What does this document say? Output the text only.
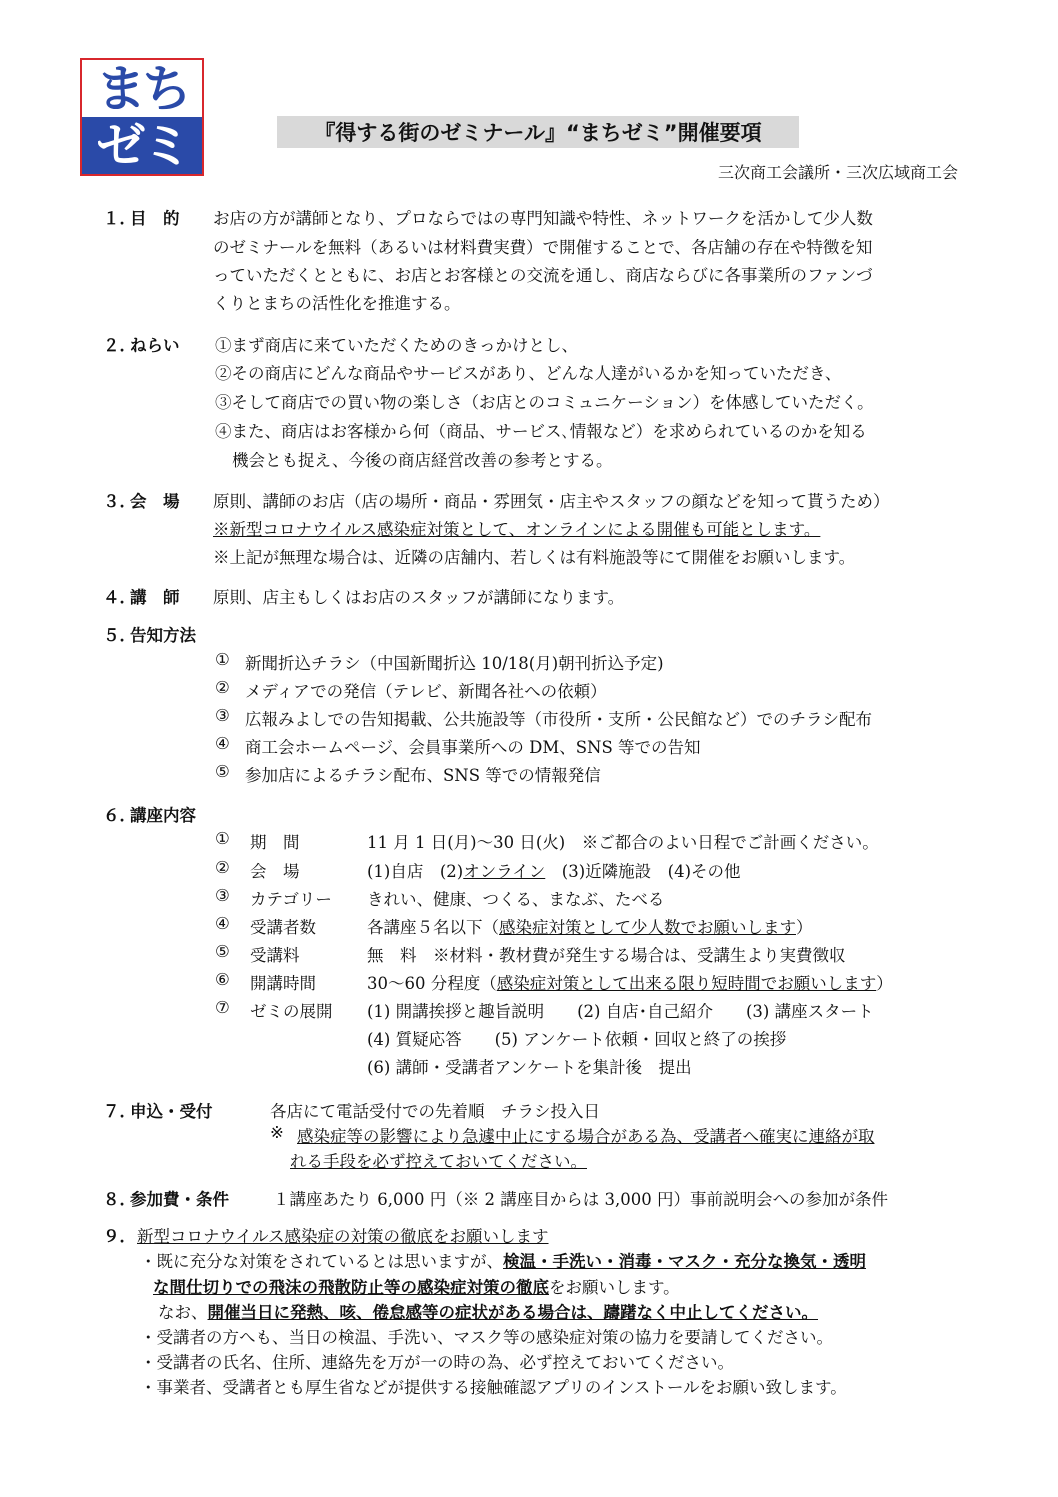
まち
ゼミ	『得する街のゼミナール』“まちゼミ”開催要項
三次商工会議所・三次広域商工会
１．
目　的 お店の方が講師となり、プロならではの専門知識や特性、ネットワークを活かして少人数
のゼミナールを無料（あるいは材料費実費）で開催することで、各店舗の存在や特徴を知
っていただくとともに、お店とお客様との交流を通し、商店ならびに各事業所のファンづ
くりとまちの活性化を推進する。
２．
ねらい ①まず商店に来ていただくためのきっかけとし、
②その商店にどんな商品やサービスがあり、どんな人達がいるかを知っていただき、
③そして商店での買い物の楽しさ（お店とのコミュニケーション）を体感していただく。
④また、商店はお客様から何（商品、サービス､情報など）を求められているのかを知る
機会とも捉え、今後の商店経営改善の参考とする。
３．
会　場 原則、講師のお店（店の場所・商品・雰囲気・店主やスタッフの顔などを知って貰うため）
※新型コロナウイルス感染症対策として、オンラインによる開催も可能とします。
※上記が無理な場合は、近隣の店舗内、若しくは有料施設等にて開催をお願いします。
４．
講　師 原則、店主もしくはお店のスタッフが講師になります。
５．
告知方法
① 新聞折込チラシ（中国新聞折込 10/18(月)朝刊折込予定)
② メディアでの発信（テレビ、新聞各社への依頼）
③ 広報みよしでの告知掲載、公共施設等（市役所・支所・公民館など）でのチラシ配布
④ 商工会ホームページ、会員事業所への DM、SNS 等での告知
⑤ 参加店によるチラシ配布、SNS 等での情報発信
６．
講座内容
① 期　間	11 月 1 日(月)～30 日(火)　※ご都合のよい日程でご計画ください。
② 会　場	(1)自店　(2)オンライン　(3)近隣施設　(4)その他
③ カテゴリー きれい、健康、つくる、まなぶ、たべる
④ 受講者数	各講座５名以下（感染症対策として少人数でお願いします）
⑤ 受講料	無　料　※材料・教材費が発生する場合は、受講生より実費徴収
⑥ 開講時間	30～60 分程度（感染症対策として出来る限り短時間でお願いします）
⑦ ゼミの展開 (1) 開講挨拶と趣旨説明　　(2) 自店･自己紹介　　(3) 講座スタート
(4) 質疑応答　　(5) アンケート依頼・回収と終了の挨拶
(6) 講師・受講者アンケートを集計後　提出
７．
申込・受付	各店にて電話受付での先着順　チラシ投入日
※ 感染症等の影響により急遽中止にする場合がある為、受講者へ確実に連絡が取
れる手段を必ず控えておいてください。
８．
参加費・条件	１講座あたり 6,000 円（※ 2 講座目からは 3,000 円）事前説明会への参加が条件
９． 新型コロナウイルス感染症の対策の徹底をお願いします
・既に充分な対策をされているとは思いますが、検温・手洗い・消毒・マスク・充分な換気・透明
な間仕切りでの飛沫の飛散防止等の感染症対策の徹底をお願いします。
なお、開催当日に発熱、咳、倦怠感等の症状がある場合は、躊躇なく中止してください。
・受講者の方へも、当日の検温、手洗い、マスク等の感染症対策の協力を要請してください。
・受講者の氏名、住所、連絡先を万が一の時の為、必ず控えておいてください。
・事業者、受講者とも厚生省などが提供する接触確認アプリのインストールをお願い致します。
